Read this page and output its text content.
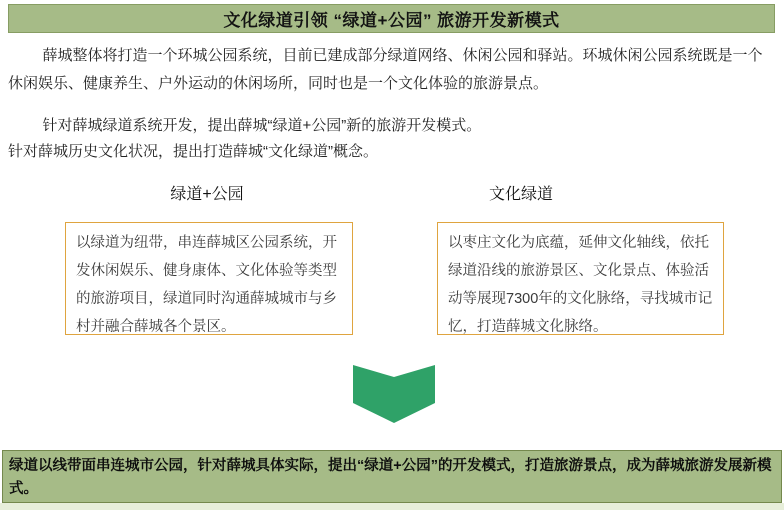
文化绿道引领 “绿道+公园” 旅游开发新模式
薛城整体将打造一个环城公园系统，目前已建成部分绿道网络、休闲公园和驿站。环城休闲公园系统既是一个休闲娱乐、健康养生、户外运动的休闲场所，同时也是一个文化体验的旅游景点。
针对薛城绿道系统开发，提出薛城“绿道+公园”新的旅游开发模式。
针对薛城历史文化状况，提出打造薛城“文化绿道”概念。
绿道+公园	文化绿道
以绿道为纽带，串连薛城区公园系统，开发休闲娱乐、健身康体、文化体验等类型的旅游项目，绿道同时沟通薛城城市与乡村并融合薛城各个景区。
以枣庄文化为底蕴，延伸文化轴线，依托绿道沿线的旅游景区、文化景点、体验活动等展现7300年的文化脉络，寻找城市记忆，打造薛城文化脉络。
绿道以线带面串连城市公园，针对薛城具体实际，提出“绿道+公园”的开发模式，打造旅游景点，成为薛城旅游发展新模式。
